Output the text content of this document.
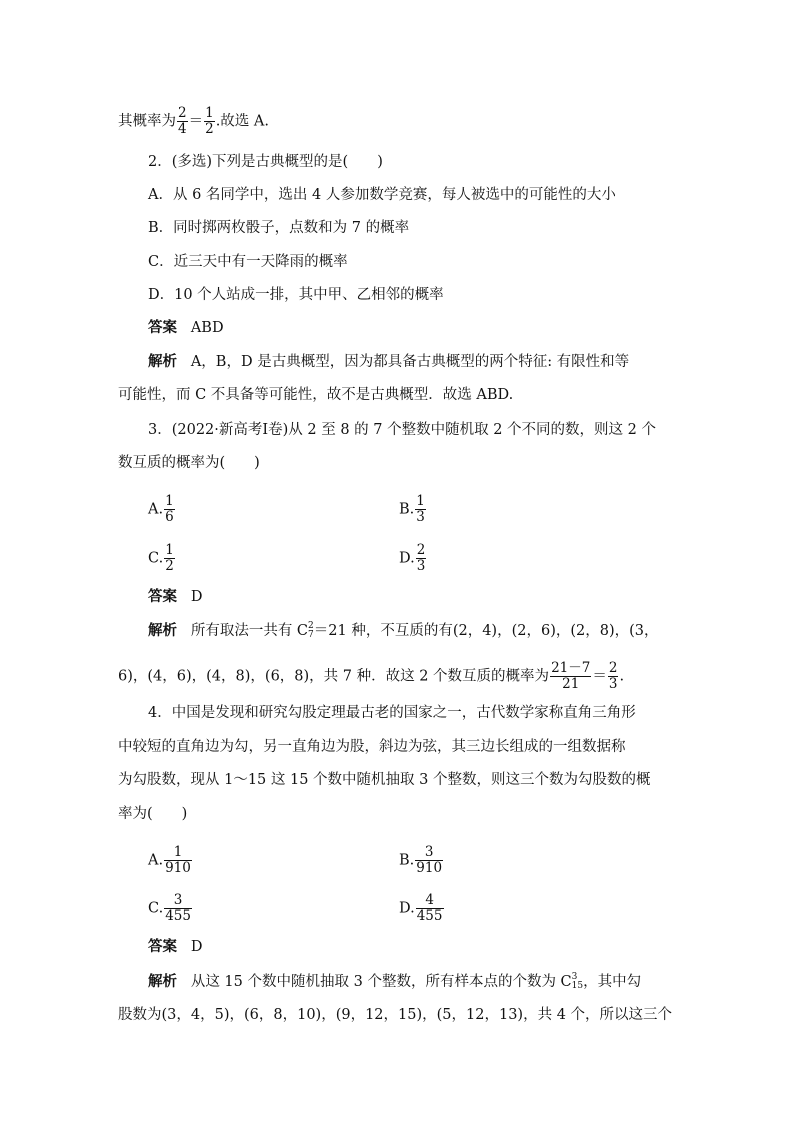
其概率为 $\frac{2}{4} = \frac{1}{2}$ .故选 A.
2．(多选)下列是古典概型的是(　　)
A．从 6 名同学中，选出 4 人参加数学竞赛，每人被选中的可能性的大小
B．同时掷两枚骰子，点数和为 7 的概率
C．近三天中有一天降雨的概率
D．10 个人站成一排，其中甲、乙相邻的概率
答案 ABD
解析 A，B，D 是古典概型，因为都具备古典概型的两个特征: 有限性和等
可能性，而 C 不具备等可能性，故不是古典概型．故选 ABD.
3．(2022·新高考Ⅰ卷)从 2 至 8 的 7 个整数中随机取 2 个不同的数，则这 2 个
数互质的概率为(　　)
A. $\frac{1}{6}$	B. $\frac{1}{3}$
C. $\frac{1}{2}$	D. $\frac{2}{3}$
答案 D
解析 所有取法一共有 C 2
7 ＝21 种，不互质的有(2，4)，(2，6)，(2，8)，(3，
6)，(4，6)，(4，8)，(6，8)，共 7 种．故这 2 个数互质的概率为 $\frac{21-7}{21} = \frac{2}{3}$ .
4．中国是发现和研究勾股定理最古老的国家之一，古代数学家称直角三角形
中较短的直角边为勾，另一直角边为股，斜边为弦，其三边长组成的一组数据称
为勾股数，现从 1～15 这 15 个数中随机抽取 3 个整数，则这三个数为勾股数的概
率为(　　)
A. $\frac{1}{910}$	B. $\frac{3}{910}$
C. $\frac{3}{455}$	D. $\frac{4}{455}$
答案 D
解析 从这 15 个数中随机抽取 3 个整数，所有样本点的个数为 C 3
15 ，其中勾
股数为(3，4，5)，(6，8，10)，(9，12，15)，(5，12，13)，共 4 个，所以这三个
